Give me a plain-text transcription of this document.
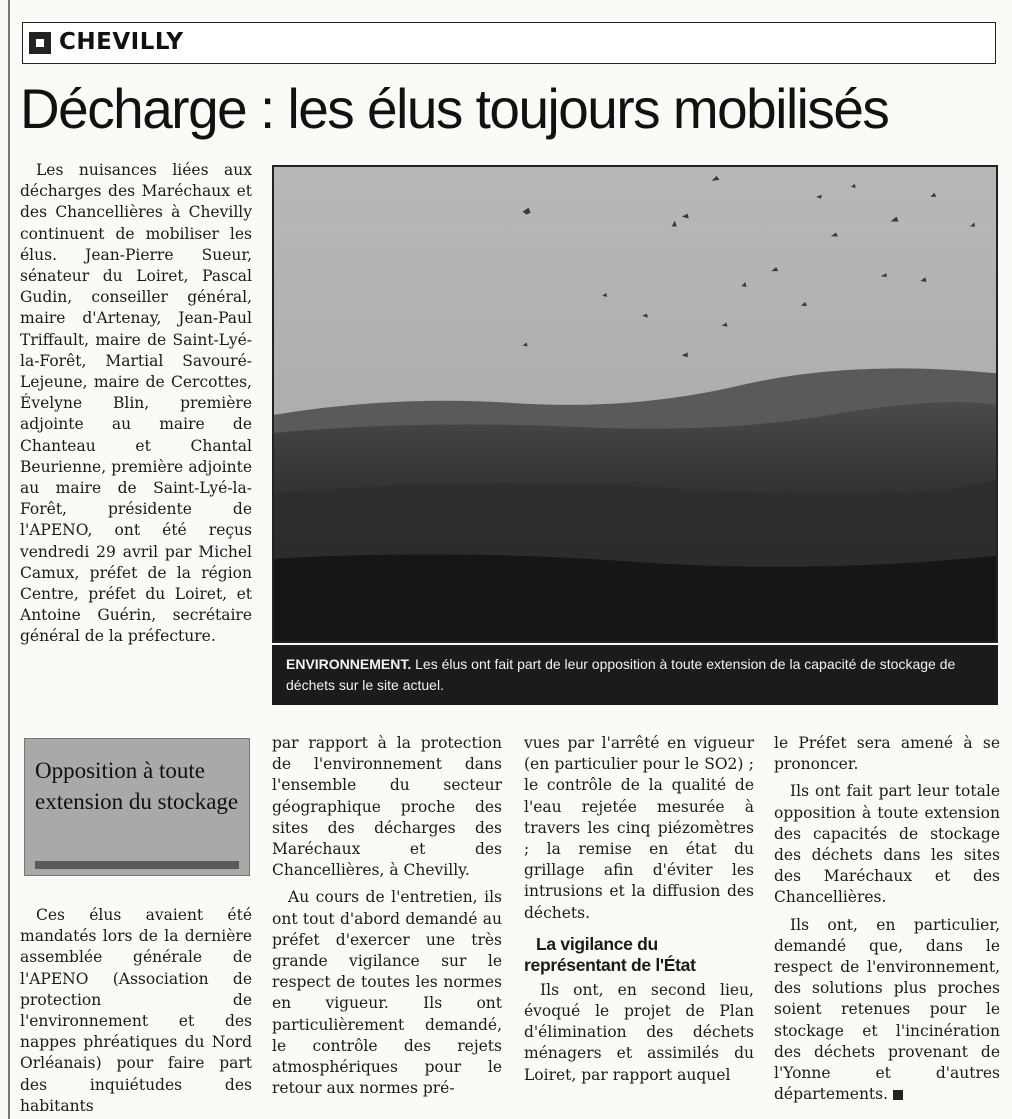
CHEVILLY
Décharge : les élus toujours mobilisés

Les nuisances liées aux décharges des Maréchaux et des Chancellières à Chevilly continuent de mobiliser les élus. Jean-Pierre Sueur, sénateur du Loiret, Pascal Gudin, conseiller général, maire d'Artenay, Jean-Paul Triffault, maire de Saint-Lyé-la-Forêt, Martial Savouré-Lejeune, maire de Cercottes, Évelyne Blin, première adjointe au maire de Chanteau et Chantal Beurienne, première adjointe au maire de Saint-Lyé-la-Forêt, présidente de l'APENO, ont été reçus vendredi 29 avril par Michel Camux, préfet de la région Centre, préfet du Loiret, et Antoine Guérin, secrétaire général de la préfecture.

ENVIRONNEMENT. Les élus ont fait part de leur opposition à toute extension de la capacité de stockage de déchets sur le site actuel.
Opposition à toute extension du stockage

Ces élus avaient été mandatés lors de la dernière assemblée générale de l'APENO (Association de protection de l'environnement et des nappes phréatiques du Nord Orléanais) pour faire part des inquiétudes des habitants

par rapport à la protection de l'environnement dans l'ensemble du secteur géographique proche des sites des décharges des Maréchaux et des Chancellières, à Chevilly.

Au cours de l'entretien, ils ont tout d'abord demandé au préfet d'exercer une très grande vigilance sur le respect de toutes les normes en vigueur. Ils ont particulièrement demandé, le contrôle des rejets atmosphériques pour le retour aux normes pré-

vues par l'arrêté en vigueur (en particulier pour le SO2) ; le contrôle de la qualité de l'eau rejetée mesurée à travers les cinq piézomètres ; la remise en état du grillage afin d'éviter les intrusions et la diffusion des déchets.

La vigilance du représentant de l'État

Ils ont, en second lieu, évoqué le projet de Plan d'élimination des déchets ménagers et assimilés du Loiret, par rapport auquel

le Préfet sera amené à se prononcer.

Ils ont fait part leur totale opposition à toute extension des capacités de stockage des déchets dans les sites des Maréchaux et des Chancellières.

Ils ont, en particulier, demandé que, dans le respect de l'environnement, des solutions plus proches soient retenues pour le stockage et l'incinération des déchets provenant de l'Yonne et d'autres départements.
